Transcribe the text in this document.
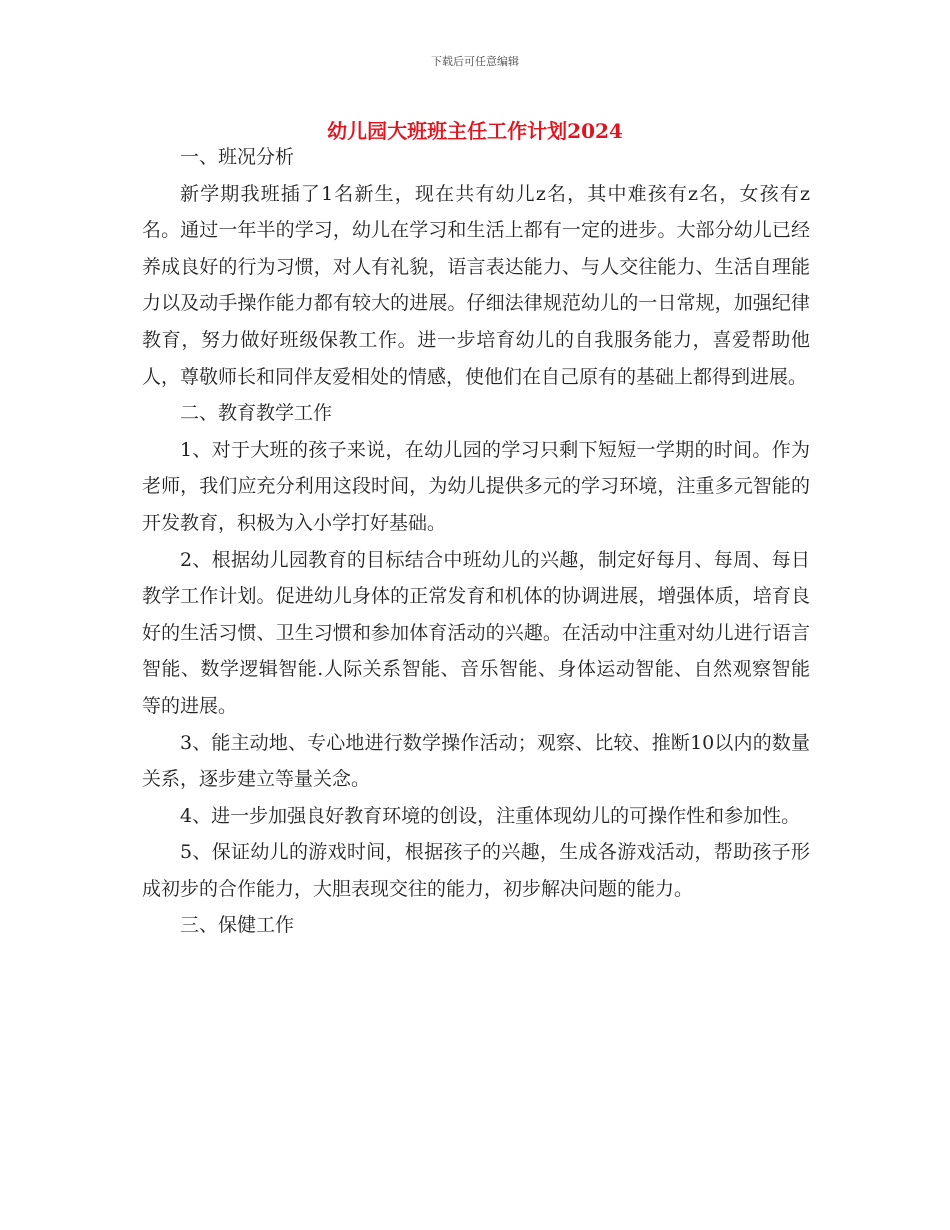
下载后可任意编辑
幼儿园大班班主任工作计划2024

一、班况分析

新学期我班插了1名新生，现在共有幼儿z名，其中难孩有z名，女孩有z名。通过一年半的学习，幼儿在学习和生活上都有一定的进步。大部分幼儿已经养成良好的行为习惯，对人有礼貌，语言表达能力、与人交往能力、生活自理能力以及动手操作能力都有较大的进展。仔细法律规范幼儿的一日常规，加强纪律教育，努力做好班级保教工作。进一步培育幼儿的自我服务能力，喜爱帮助他人，尊敬师长和同伴友爱相处的情感，使他们在自己原有的基础上都得到进展。

二、教育教学工作

1、对于大班的孩子来说，在幼儿园的学习只剩下短短一学期的时间。作为老师，我们应充分利用这段时间，为幼儿提供多元的学习环境，注重多元智能的开发教育，积极为入小学打好基础。

2、根据幼儿园教育的目标结合中班幼儿的兴趣，制定好每月、每周、每日教学工作计划。促进幼儿身体的正常发育和机体的协调进展，增强体质，培育良好的生活习惯、卫生习惯和参加体育活动的兴趣。在活动中注重对幼儿进行语言智能、数学逻辑智能.人际关系智能、音乐智能、身体运动智能、自然观察智能等的进展。

3、能主动地、专心地进行数学操作活动；观察、比较、推断10以内的数量关系，逐步建立等量关念。

4、进一步加强良好教育环境的创设，注重体现幼儿的可操作性和参加性。

5、保证幼儿的游戏时间，根据孩子的兴趣，生成各游戏活动，帮助孩子形成初步的合作能力，大胆表现交往的能力，初步解决问题的能力。

三、保健工作
